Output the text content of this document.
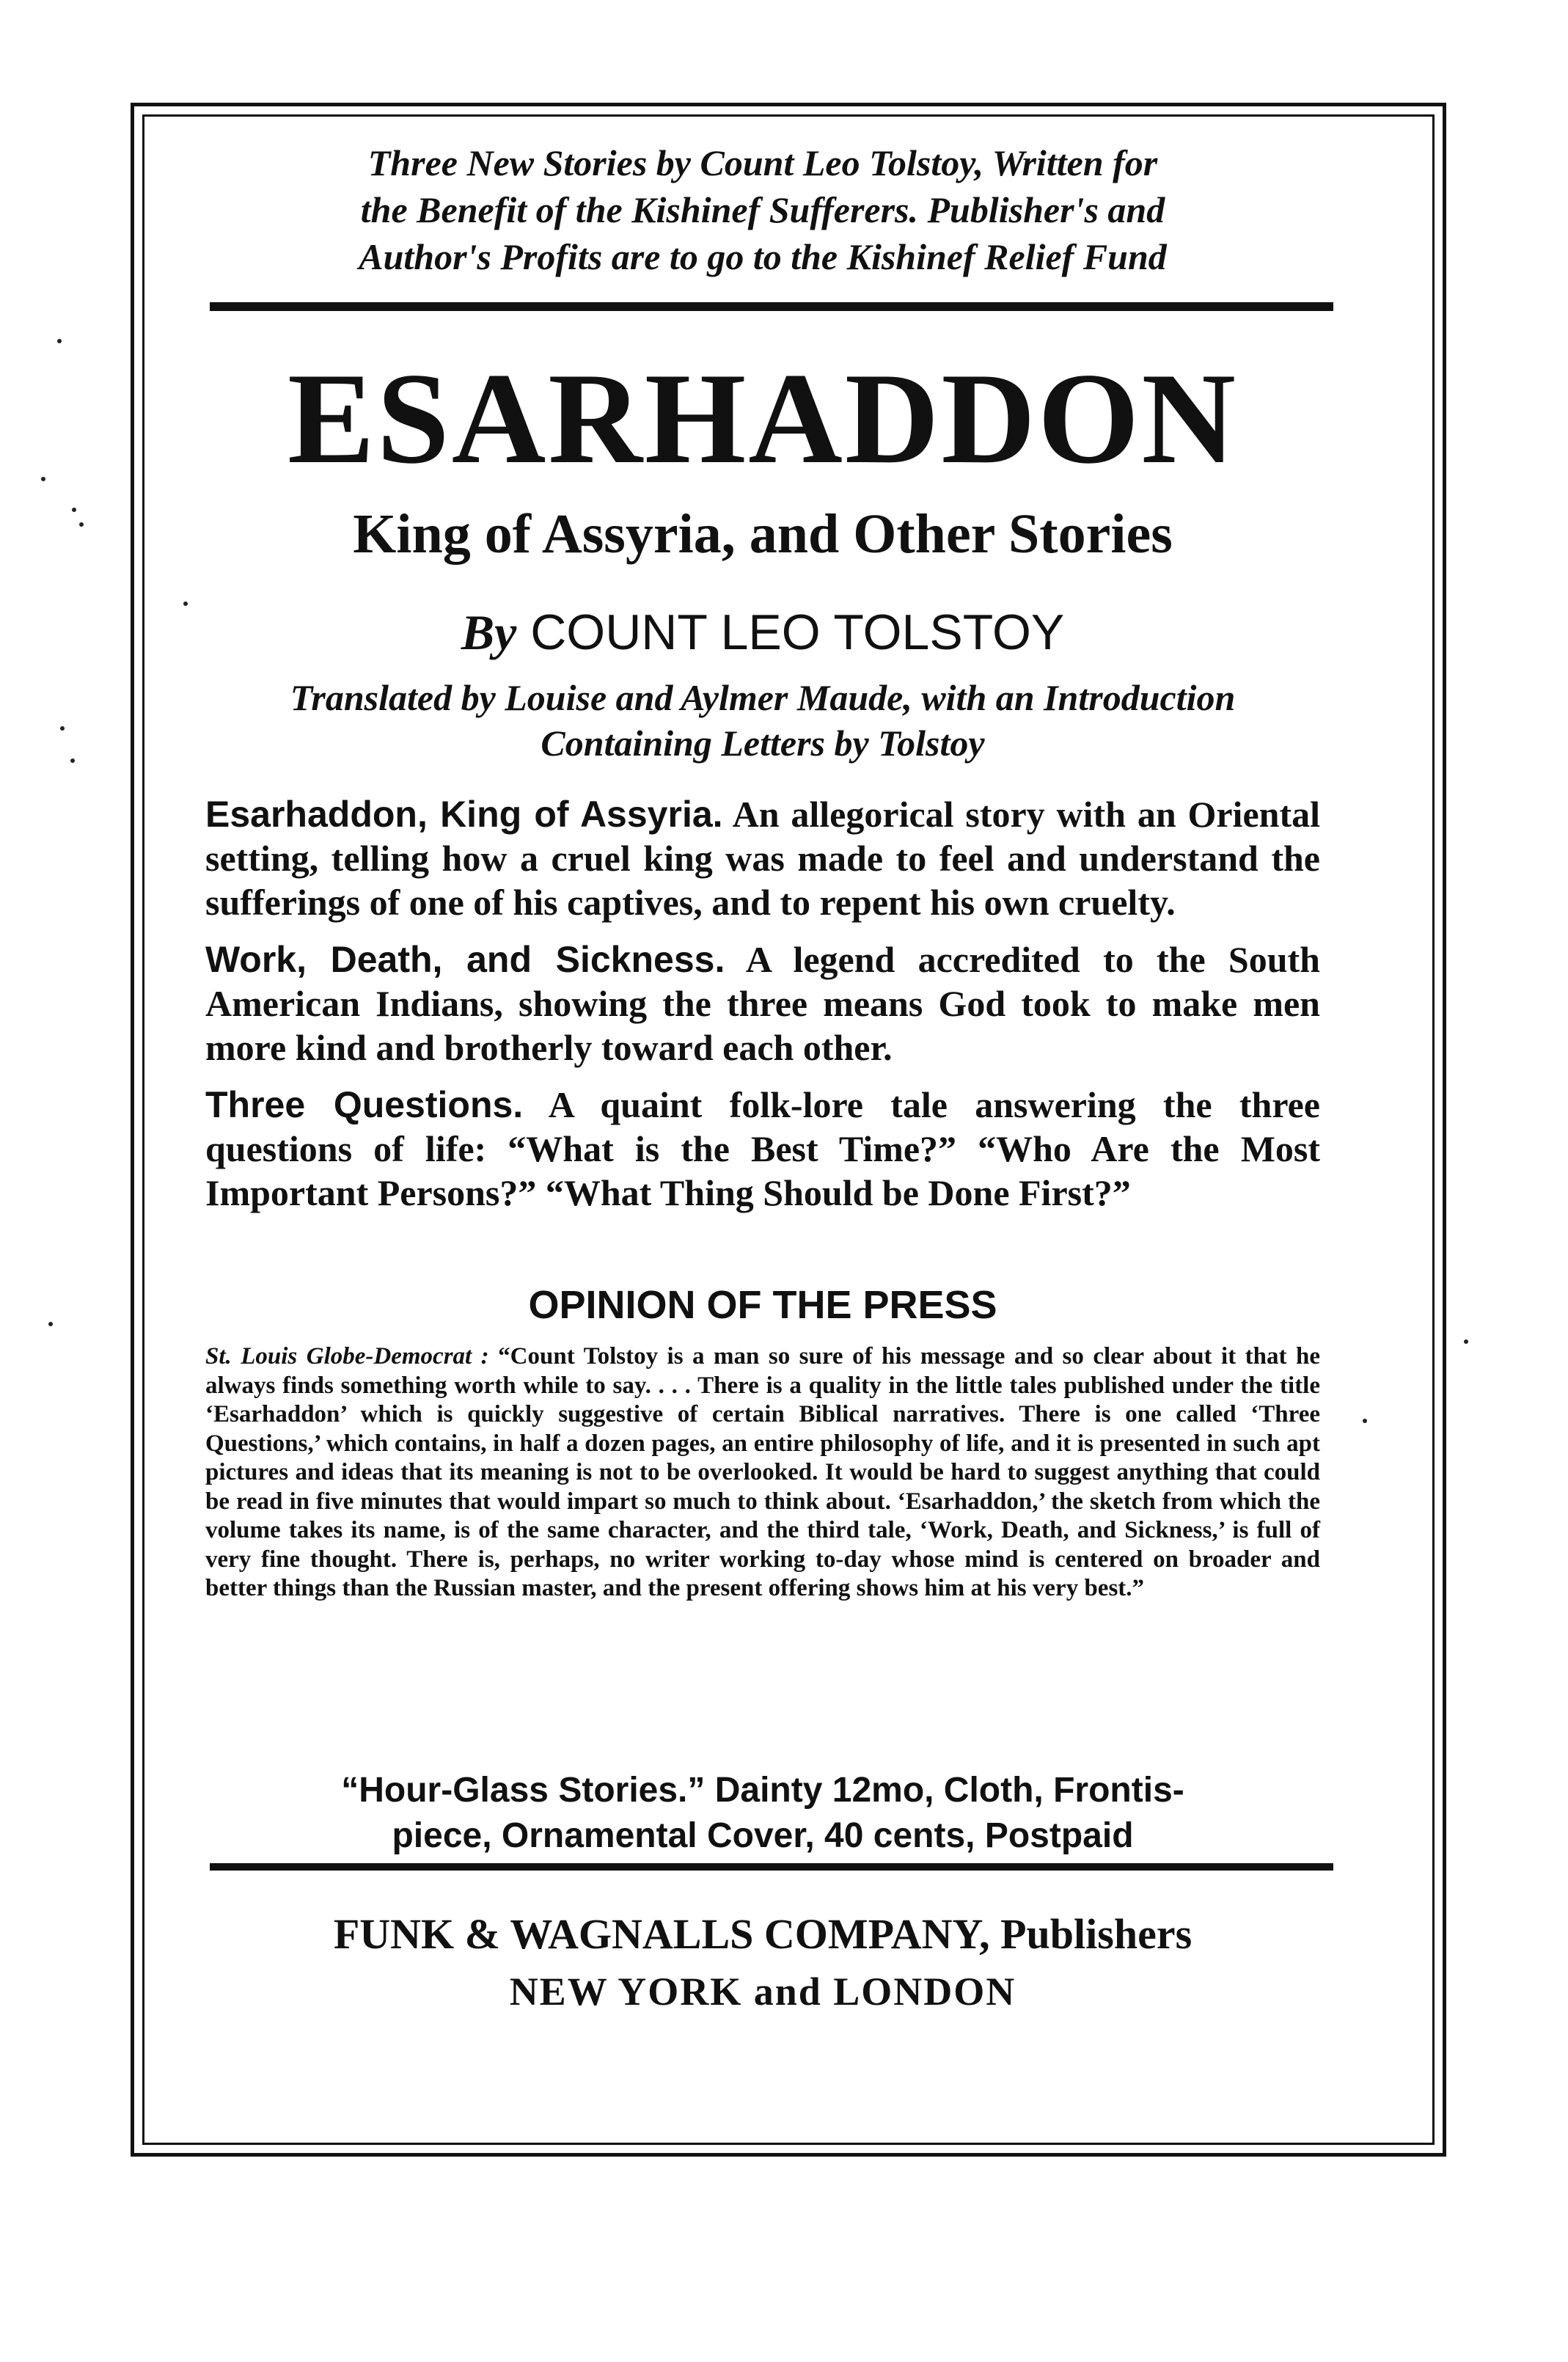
Three New Stories by Count Leo Tolstoy, Written for
the Benefit of the Kishinef Sufferers. Publisher's and
Author's Profits are to go to the Kishinef Relief Fund
ESARHADDON
King of Assyria, and Other Stories
By COUNT LEO TOLSTOY
Translated by Louise and Aylmer Maude, with an Introduction
Containing Letters by Tolstoy
Esarhaddon, King of Assyria. An allegorical story with an Oriental setting, telling how a cruel king was made to feel and understand the sufferings of one of his captives, and to repent his own cruelty.
Work, Death, and Sickness. A legend accredited to the South American Indians, showing the three means God took to make men more kind and brotherly toward each other.
Three Questions. A quaint folk-lore tale answering the three questions of life: “What is the Best Time?” “Who Are the Most Important Persons?” “What Thing Should be Done First?”
OPINION OF THE PRESS
St. Louis Globe-Democrat : “Count Tolstoy is a man so sure of his message and so clear about it that he always finds something worth while to say. . . . There is a quality in the little tales published under the title ‘Esarhaddon’ which is quickly suggestive of certain Biblical narratives. There is one called ‘Three Questions,’ which contains, in half a dozen pages, an entire philosophy of life, and it is presented in such apt pictures and ideas that its meaning is not to be overlooked. It would be hard to suggest anything that could be read in five minutes that would impart so much to think about. ‘Esarhaddon,’ the sketch from which the volume takes its name, is of the same character, and the third tale, ‘Work, Death, and Sickness,’ is full of very fine thought. There is, perhaps, no writer working to-day whose mind is centered on broader and better things than the Russian master, and the present offering shows him at his very best.”
“Hour-Glass Stories.” Dainty 12mo, Cloth, Frontis-
piece, Ornamental Cover, 40 cents, Postpaid
FUNK & WAGNALLS COMPANY, Publishers
NEW YORK and LONDON
